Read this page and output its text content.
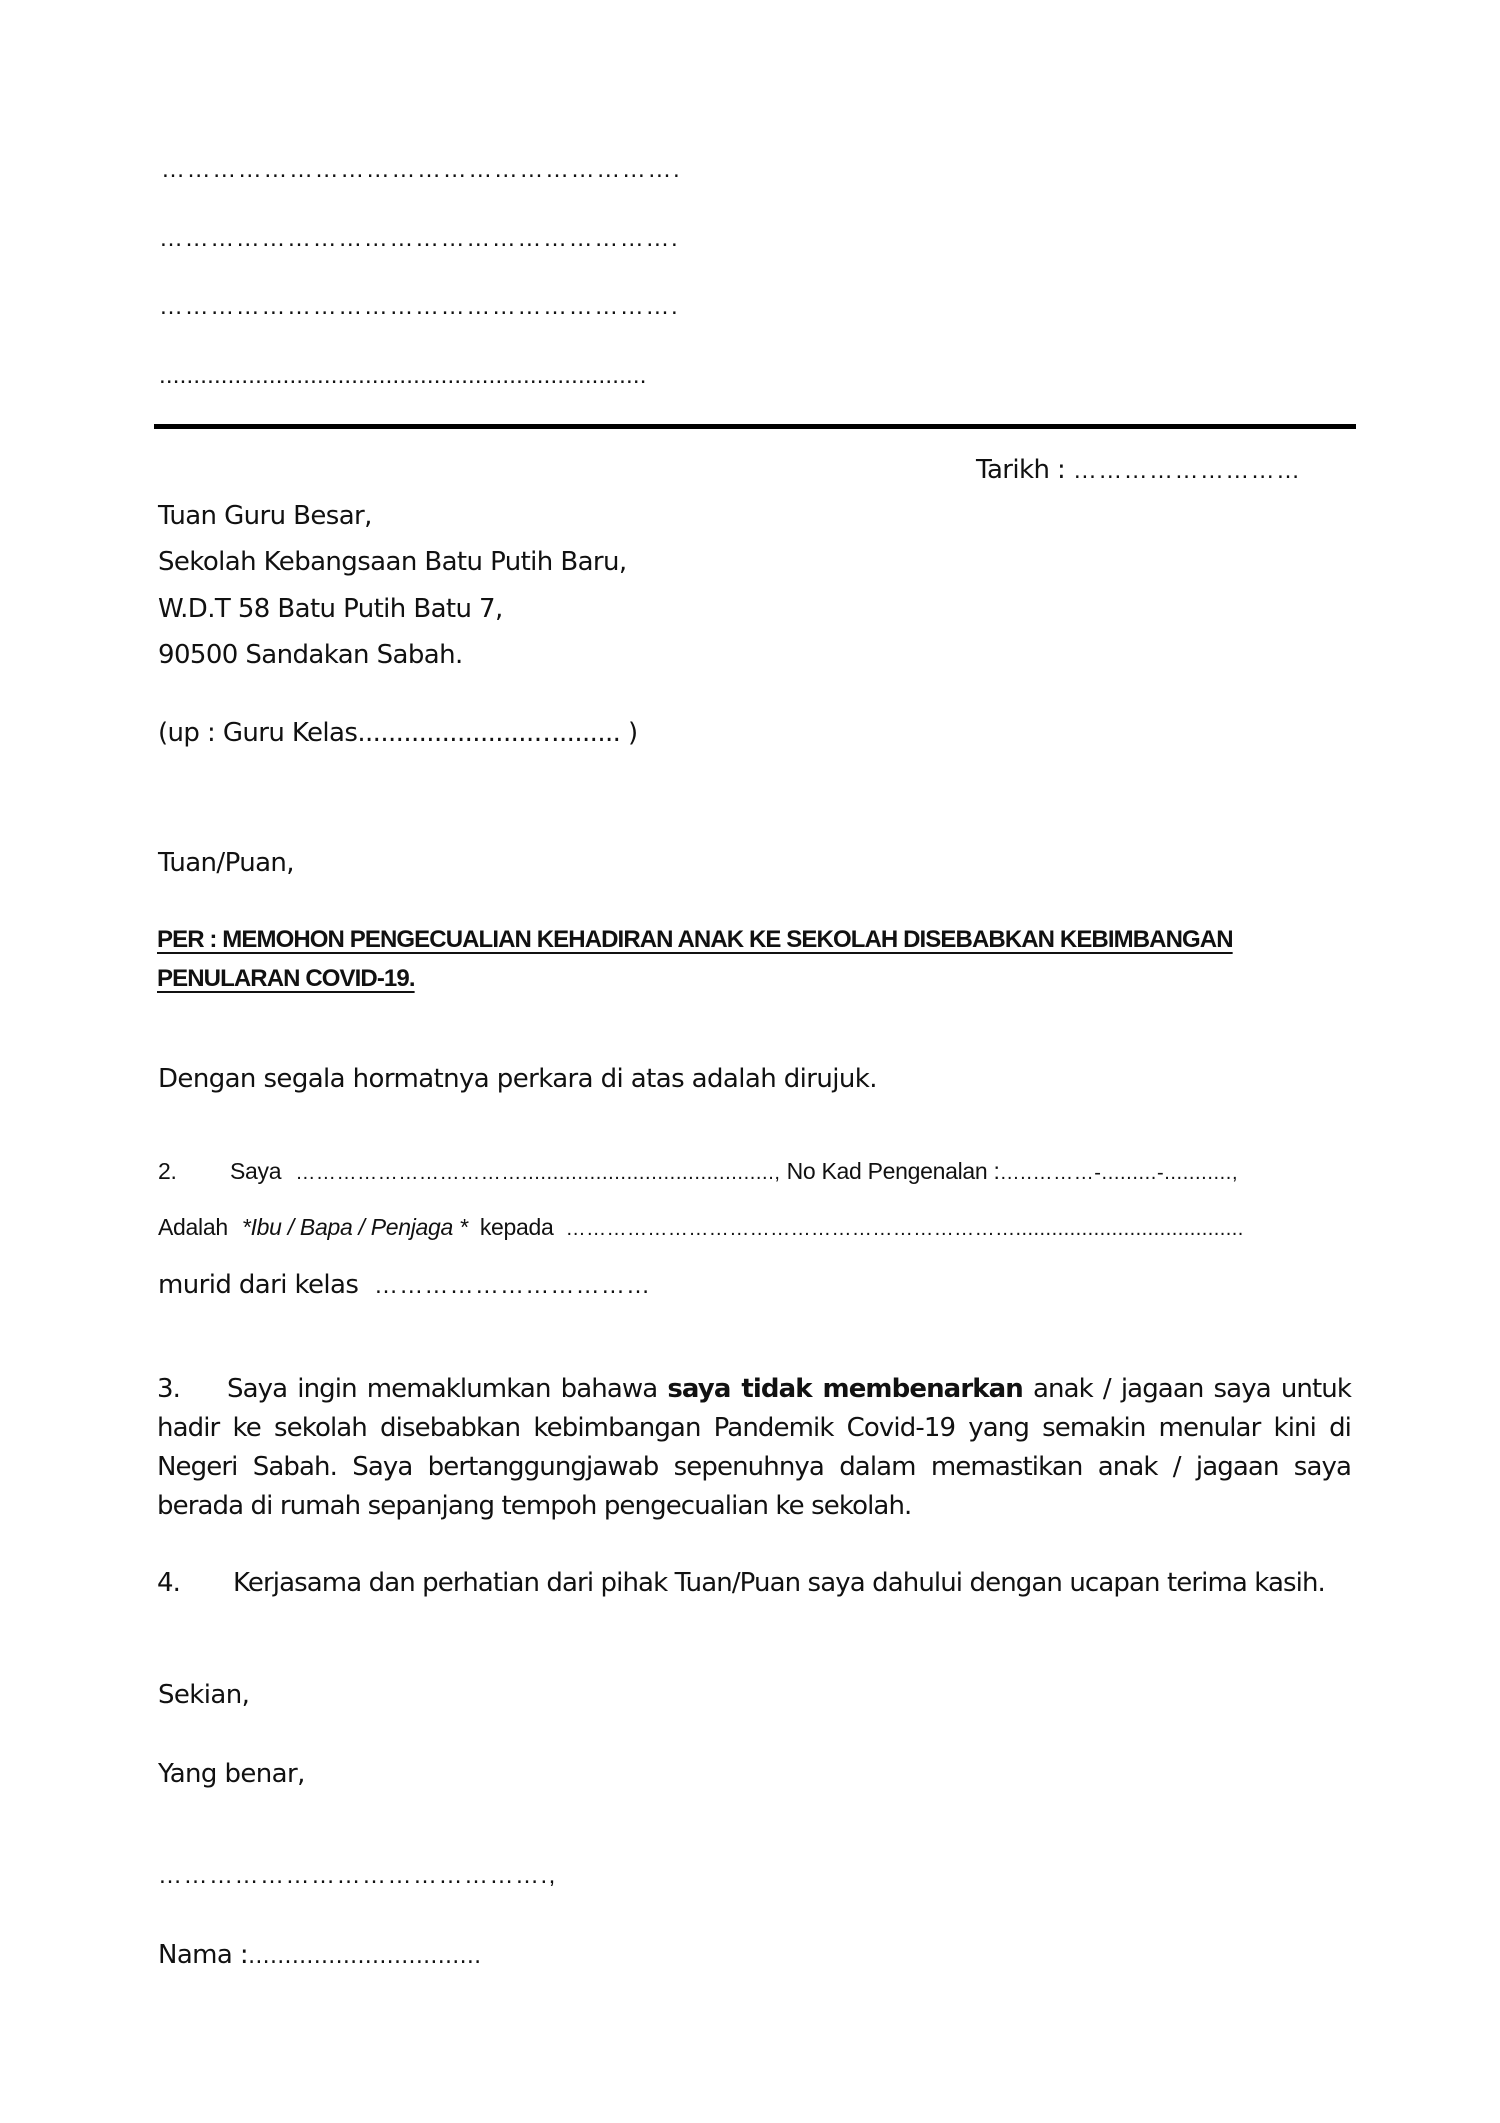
…………………………………………………….
…………………………………………………….
…………………………………………………….
.......................................................................
Tarikh : ………………………
Tuan Guru Besar,
Sekolah Kebangsaan Batu Putih Baru,
W.D.T 58 Batu Putih Batu 7,
90500 Sandakan Sabah.
(up : Guru Kelas.......................…........ )
Tuan/Puan,
PER : MEMOHON PENGECUALIAN KEHADIRAN ANAK KE SEKOLAH DISEBABKAN KEBIMBANGAN
PENULARAN COVID-19.
Dengan segala hormatnya perkara di atas adalah dirujuk.
2. Saya ……………………………........................................., No Kad Pengenalan :…..………-.........-...........,
Adalah *Ibu / Bapa / Penjaga * kepada …………………………………………………………......................................
murid dari kelas ……………………………
3. Saya ingin memaklumkan bahawa saya tidak membenarkan anak / jagaan saya untuk hadir ke sekolah disebabkan kebimbangan Pandemik Covid-19 yang semakin menular kini di Negeri Sabah. Saya bertanggungjawab sepenuhnya dalam memastikan anak / jagaan saya berada di rumah sepanjang tempoh pengecualian ke sekolah.
4. Kerjasama dan perhatian dari pihak Tuan/Puan saya dahului dengan ucapan terima kasih.
Sekian,
Yang benar,
……………………………………….,
Nama :................................
